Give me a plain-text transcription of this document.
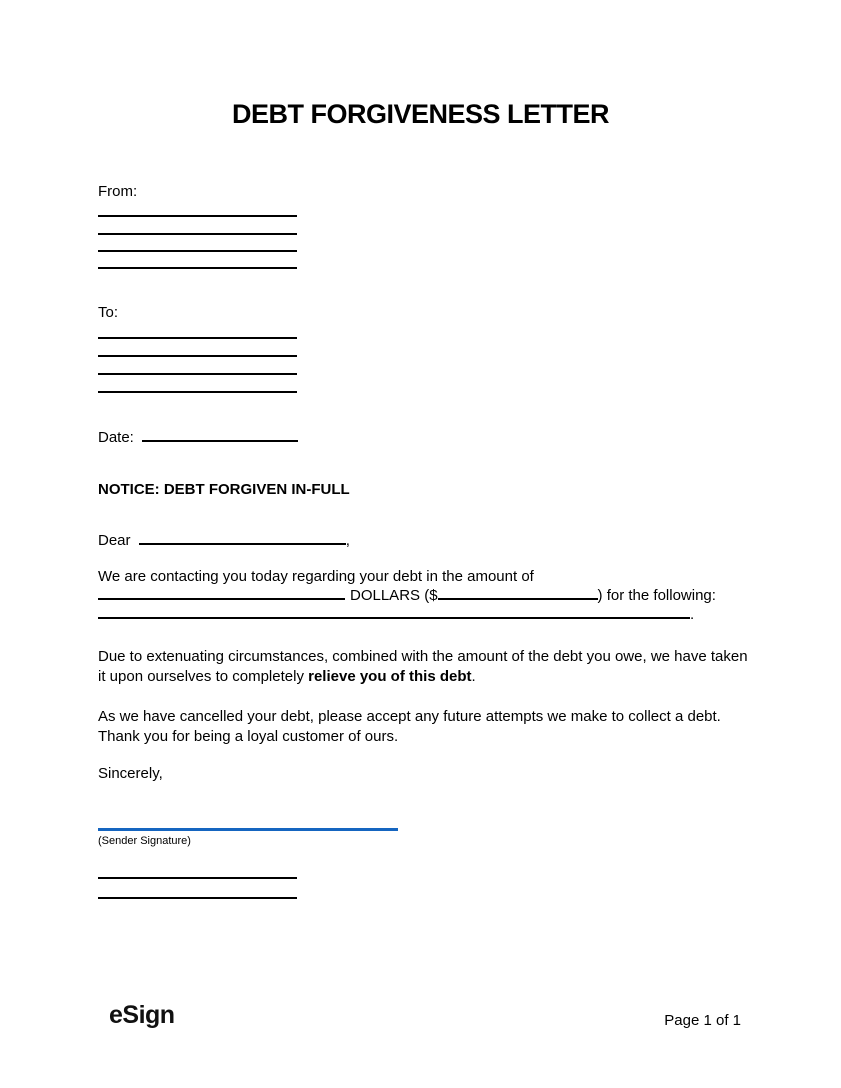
DEBT FORGIVENESS LETTER
From:
To:
Date:
NOTICE: DEBT FORGIVEN IN-FULL
Dear	,
We are contacting you today regarding your debt in the amount of
DOLLARS ($	) for the following:
.
Due to extenuating circumstances, combined with the amount of the debt you owe, we have taken it upon ourselves to completely relieve you of this debt.
As we have cancelled your debt, please accept any future attempts we make to collect a debt. Thank you for being a loyal customer of ours.
Sincerely,
(Sender Signature)
eSign	Page 1 of 1
